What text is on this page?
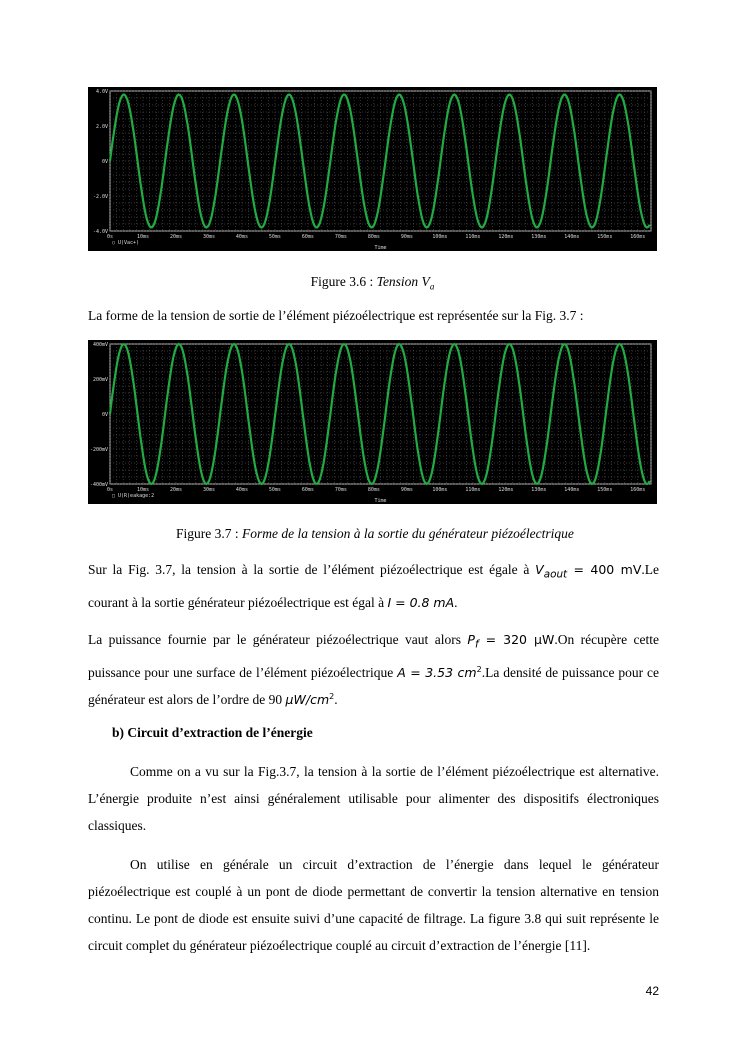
4.0V
2.0V
0V
-2.0V
-4.0V
0s	10ms	20ms	30ms	40ms	50ms	60ms	70ms	80ms	90ms	100ms	110ms	120ms	130ms	140ms	150ms	160ms
○ U(Vac+)
Time
Figure 3.6 : Tension $V_a$
La forme de la tension de sortie de l’élément piézoélectrique est représentée sur la Fig. 3.7 :
400mV
200mV
0V
-200mV
-400mV
0s	10ms	20ms	30ms	40ms	50ms	60ms	70ms	80ms	90ms	100ms	110ms	120ms	130ms	140ms	150ms	160ms
□ U(R)eakage:2
Time
Figure 3.7 : Forme de la tension à la sortie du générateur piézoélectrique
Sur la Fig. 3.7, la tension à la sortie de l’élément piézoélectrique est égale à $V_{aout} = 400$ mV.Le courant à la sortie générateur piézoélectrique est égal à I = 0.8 mA.
La puissance fournie par le générateur piézoélectrique vaut alors $P_f = 320$ μW.On récupère cette puissance pour une surface de l’élément piézoélectrique A = 3.53 $cm^2.La$ densité de puissance pour ce générateur est alors de l’ordre de 90 $\mu W/cm^2$.
b) Circuit d’extraction de l’énergie
Comme on a vu sur la Fig.3.7, la tension à la sortie de l’élément piézoélectrique est alternative. L’énergie produite n’est ainsi généralement utilisable pour alimenter des dispositifs électroniques classiques.
On utilise en générale un circuit d’extraction de l’énergie dans lequel le générateur piézoélectrique est couplé à un pont de diode permettant de convertir la tension alternative en tension continu. Le pont de diode est ensuite suivi d’une capacité de filtrage. La figure 3.8 qui suit représente le circuit complet du générateur piézoélectrique couplé au circuit d’extraction de l’énergie [11].
42
